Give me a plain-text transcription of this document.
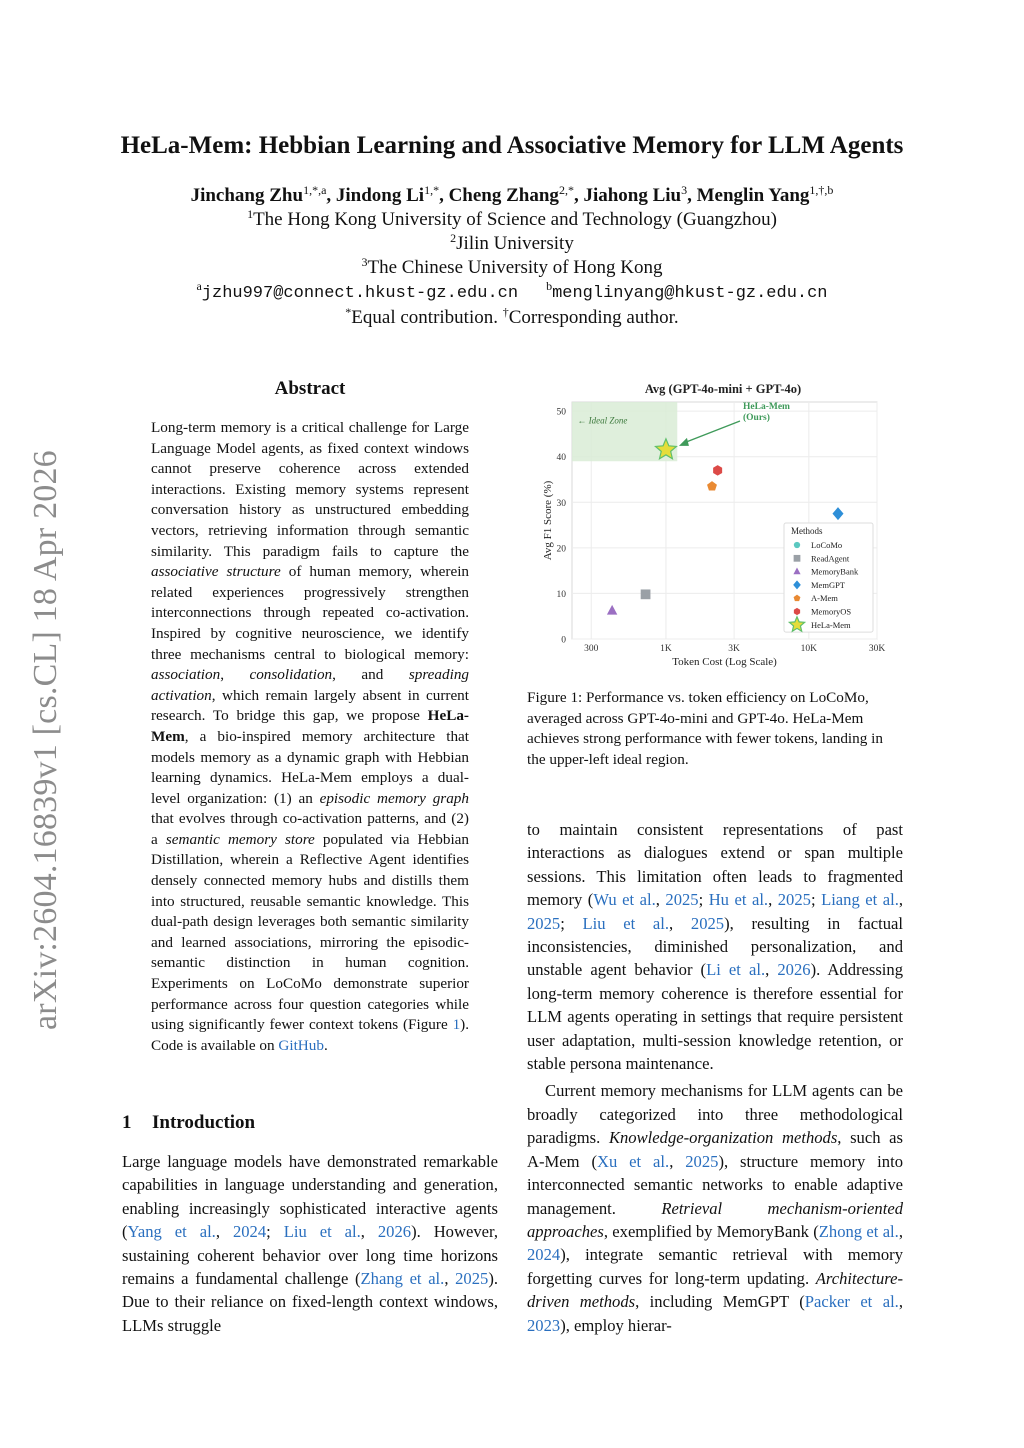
arXiv:2604.16839v1 [cs.CL] 18 Apr 2026
HeLa-Mem: Hebbian Learning and Associative Memory for LLM Agents
Jinchang Zhu$^{1,*,a}$, Jindong $Li^{1,*}$, Cheng Zhang$^{2,*}$, Jiahong Liu$^3$, Menglin Yang$^{1,\dagger,b}$
$^1$The Hong Kong University of Science and Technology (Guangzhou)
$^2$Jilin University
$^3$The Chinese University of Hong Kong
$^a$jzhu997@connect.hkust-gz.edu.cn $^b$menglinyang@hkust-gz.edu.cn
*Equal contribution. †Corresponding author.
Abstract
Long-term memory is a critical challenge for Large Language Model agents, as fixed context windows cannot preserve coherence across extended interactions. Existing memory systems represent conversation history as unstructured embedding vectors, retrieving information through semantic similarity. This paradigm fails to capture the associative structure of human memory, wherein related experiences progressively strengthen interconnections through repeated co-activation. Inspired by cognitive neuroscience, we identify three mechanisms central to biological memory: association, consolidation, and spreading activation, which remain largely absent in current research. To bridge this gap, we propose HeLa-Mem, a bio-inspired memory architecture that models memory as a dynamic graph with Hebbian learning dynamics. HeLa-Mem employs a dual-level organization: (1) an episodic memory graph that evolves through co-activation patterns, and (2) a semantic memory store populated via Hebbian Distillation, wherein a Reflective Agent identifies densely connected memory hubs and distills them into structured, reusable semantic knowledge. This dual-path design leverages both semantic similarity and learned associations, mirroring the episodic-semantic distinction in human cognition. Experiments on LoCoMo demonstrate superior performance across four question categories while using significantly fewer context tokens (Figure 1). Code is available on GitHub.
1 Introduction
Large language models have demonstrated remarkable capabilities in language understanding and generation, enabling increasingly sophisticated interactive agents (Yang et al., 2024; Liu et al., 2026). However, sustaining coherent behavior over long time horizons remains a fundamental challenge (Zhang et al., 2025). Due to their reliance on fixed-length context windows, LLMs struggle
Avg (GPT-4o-mini + GPT-4o)
← Ideal Zone
300	1K	3K	10K	30K
0
10
20
30
40
50
Token Cost (Log Scale)
Avg F1 Score (%)
HeLa-Mem
(Ours)
Methods
LoCoMo
ReadAgent
MemoryBank
MemGPT
A-Mem
MemoryOS
HeLa-Mem
Figure 1: Performance vs. token efficiency on LoCoMo, averaged across GPT-4o-mini and GPT-4o. HeLa-Mem achieves strong performance with fewer tokens, landing in the upper-left ideal region.

to maintain consistent representations of past interactions as dialogues extend or span multiple sessions. This limitation often leads to fragmented memory (Wu et al., 2025; Hu et al., 2025; Liang et al., 2025; Liu et al., 2025), resulting in factual inconsistencies, diminished personalization, and unstable agent behavior (Li et al., 2026). Addressing long-term memory coherence is therefore essential for LLM agents operating in settings that require persistent user adaptation, multi-session knowledge retention, or stable persona maintenance.

Current memory mechanisms for LLM agents can be broadly categorized into three methodological paradigms. Knowledge-organization methods, such as A-Mem (Xu et al., 2025), structure memory into interconnected semantic networks to enable adaptive management.	Retrieval mechanism-oriented approaches, exemplified by MemoryBank (Zhong et al., 2024), integrate semantic retrieval with memory forgetting curves for long-term updating. Architecture-driven methods, including MemGPT (Packer et al., 2023), employ hierar-
